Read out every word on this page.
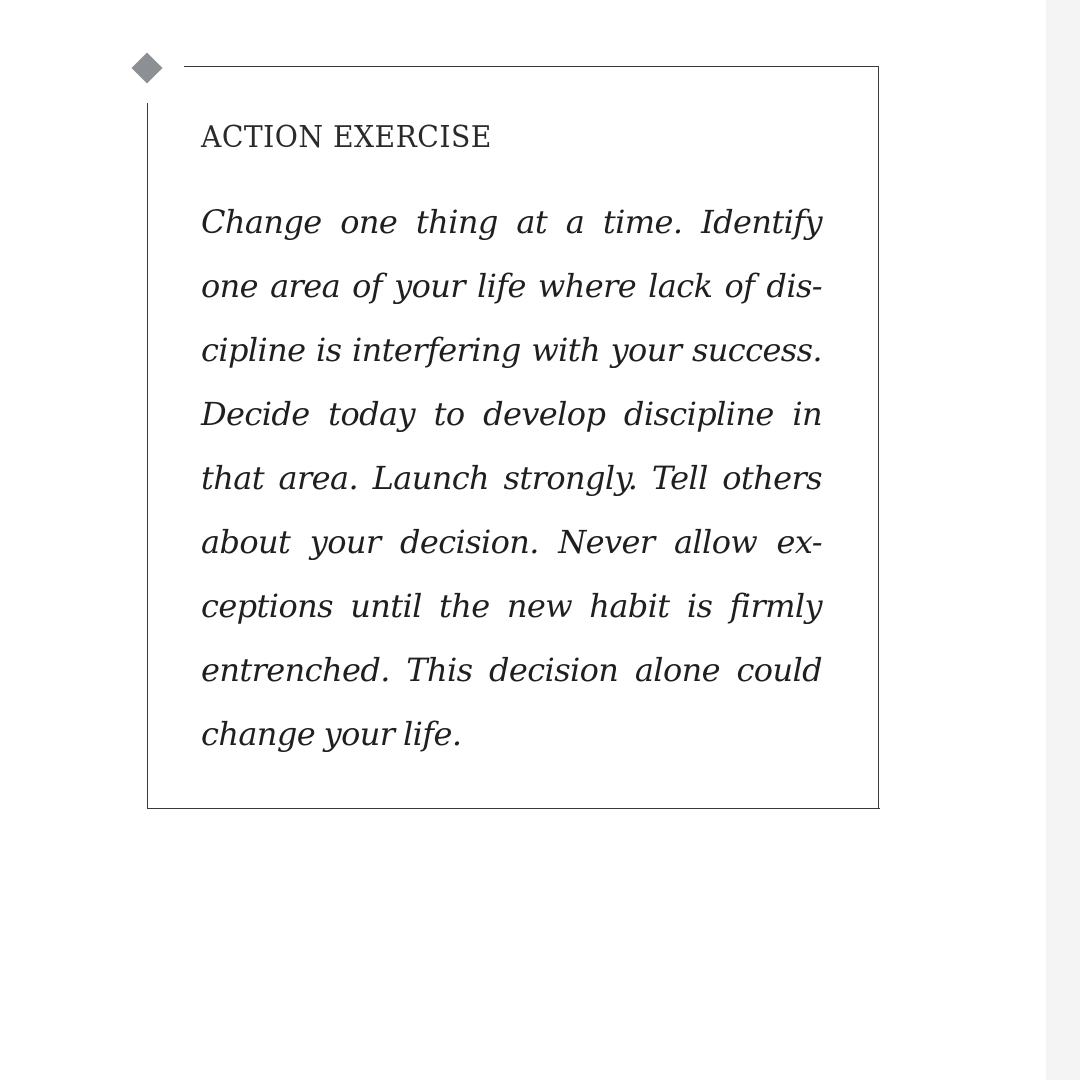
ACTION EXERCISE

Change one thing at a time. Identify one area of your life where lack of dis-cipline is interfering with your success. Decide today to develop discipline in that area. Launch strongly. Tell others about your decision. Never allow ex-ceptions until the new habit is firmly entrenched. This decision alone could change your life.
